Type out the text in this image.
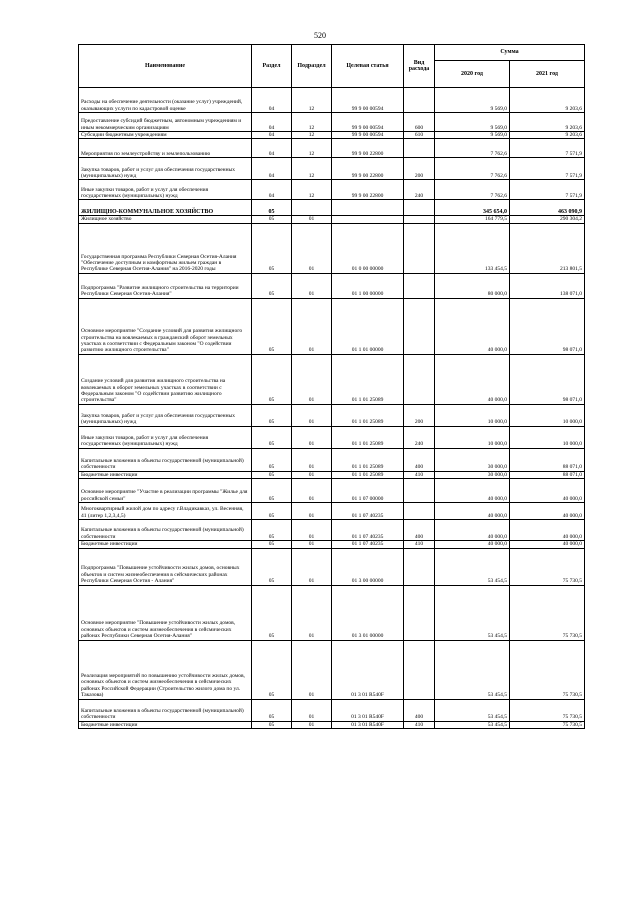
520
Наименование	Раздел	Подраздел	Целевая статья	Вид расхода	Сумма	
					2020 год	2021 год
Расходы на обеспечение деятельности (оказание услуг) учреждений, оказывающих услуги по кадастровой оценке	04	12	99 9 00 00594		9 569,0	9 203,6
Предоставление субсидий бюджетным, автономным учреждениям и иным некоммерческим организациям	04	12	99 9 00 00594	600	9 569,0	9 203,6
Субсидии бюджетным учреждениям	04	12	99 9 00 00594	610	9 569,0	9 203,6
Мероприятия по землеустройству и землепользованию	04	12	99 9 00 22800		7 762,6	7 571,9
Закупка товаров, работ и услуг для обеспечения государственных (муниципальных) нужд	04	12	99 9 00 22800	200	7 762,6	7 571,9
Иные закупки товаров, работ и услуг для обеспечения государственных (муниципальных) нужд	04	12	99 9 00 22800	240	7 762,6	7 571,9
ЖИЛИЩНО-КОММУНАЛЬНОЕ ХОЗЯЙСТВО	05				345 654,0	463 090,9
Жилищное хозяйство	05	01			164 779,5	290 304,2
Государственная программа Республики Северная Осетия-Алания "Обеспечение доступным и комфортным жильем граждан в Республике Северная Осетия-Алания" на 2016-2020 годы	05	01	01 0 00 00000		133 454,5	213 801,5
Подпрограмма "Развитие жилищного строительства на территории Республики Северная Осетия-Алания"	05	01	01 1 00 00000		80 000,0	138 071,0
Основное мероприятие "Создание условий для развития жилищного строительства на вовлекаемых в гражданский оборот земельных участках в соответствии с Федеральным законом "О содействии развитию жилищного строительства"	05	01	01 1 01 00000		40 000,0	98 071,0
Создание условий для развития жилищного строительства на вовлекаемых в оборот земельных участках в соответствии с Федеральным законом "О содействии развитию жилищного строительства"	05	01	01 1 01 25089		40 000,0	98 071,0
Закупка товаров, работ и услуг для обеспечения государственных (муниципальных) нужд	05	01	01 1 01 25089	200	10 000,0	10 000,0
Иные закупки товаров, работ и услуг для обеспечения государственных (муниципальных) нужд	05	01	01 1 01 25089	240	10 000,0	10 000,0
Капитальные вложения в объекты государственной (муниципальной) собственности	05	01	01 1 01 25089	400	30 000,0	88 071,0
Бюджетные инвестиции	05	01	01 1 01 25089	410	30 000,0	88 071,0
Основное мероприятие "Участие в реализации программы "Жилье для российской семьи"	05	01	01 1 07 00000		40 000,0	40 000,0
Многоквартирный жилой дом по адресу г.Владикавказ, ул. Весенняя, 41 (литер 1,2,3,4,5)	05	01	01 1 07 40235		40 000,0	40 000,0
Капитальные вложения в объекты государственной (муниципальной) собственности	05	01	01 1 07 40235	400	40 000,0	40 000,0
Бюджетные инвестиции	05	01	01 1 07 40235	410	40 000,0	40 000,0
Подпрограмма "Повышение устойчивости жилых домов, основных объектов и систем жизнеобеспечения в сейсмических районах Республики Северная Осетия - Алания"	05	01	01 3 00 00000		53 454,5	75 730,5
Основное мероприятие "Повышение устойчивости жилых домов, основных объектов и систем жизнеобеспечения в сейсмических районах Республики Северная Осетия-Алания"	05	01	01 3 01 00000		53 454,5	75 730,5
Реализация мероприятий по повышению устойчивости жилых домов, основных объектов и систем жизнеобеспечения в сейсмических районах Российской Федерации (Строительство жилого дома по ул. Таказова)	05	01	01 3 01 R540F		53 454,5	75 730,5
Капитальные вложения в объекты государственной (муниципальной) собственности	05	01	01 3 01 R540F	400	53 454,5	75 730,5
Бюджетные инвестиции	05	01	01 3 01 R540F	410	53 454,5	75 730,5
